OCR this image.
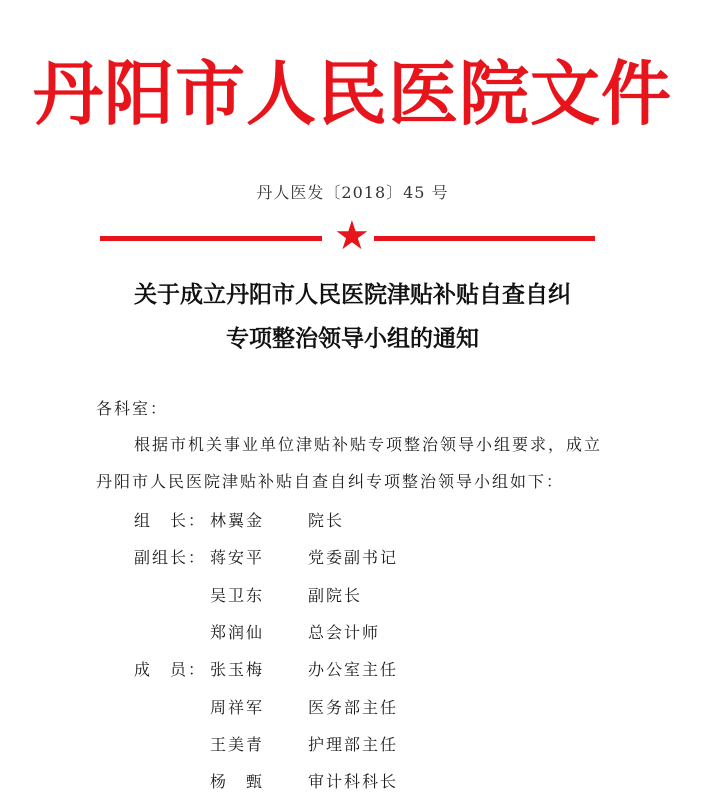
丹阳市人民医院文件
丹人医发〔2018〕45 号
★
关于成立丹阳市人民医院津贴补贴自查自纠
专项整治领导小组的通知
各科室：
根据市机关事业单位津贴补贴专项整治领导小组要求，成立
丹阳市人民医院津贴补贴自查自纠专项整治领导小组如下：
组　长： 林翼金	院长
副组长： 蒋安平	党委副书记
吴卫东	副院长
郑润仙	总会计师
成　员： 张玉梅	办公室主任
周祥军	医务部主任
王美青	护理部主任
杨　甄	审计科科长
